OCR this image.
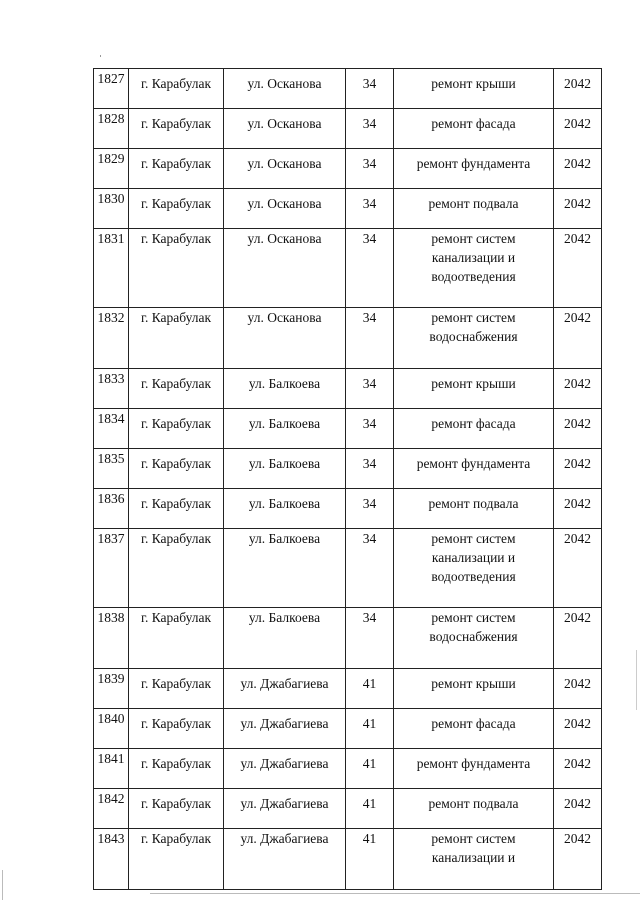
1827	г. Карабулак	ул. Осканова	34	ремонт крыши	2042
1828	г. Карабулак	ул. Осканова	34	ремонт фасада	2042
1829	г. Карабулак	ул. Осканова	34	ремонт фундамента	2042
1830	г. Карабулак	ул. Осканова	34	ремонт подвала	2042
1831	г. Карабулак	ул. Осканова	34	ремонт систем канализации и водоотведения	2042
1832	г. Карабулак	ул. Осканова	34	ремонт систем водоснабжения	2042
1833	г. Карабулак	ул. Балкоева	34	ремонт крыши	2042
1834	г. Карабулак	ул. Балкоева	34	ремонт фасада	2042
1835	г. Карабулак	ул. Балкоева	34	ремонт фундамента	2042
1836	г. Карабулак	ул. Балкоева	34	ремонт подвала	2042
1837	г. Карабулак	ул. Балкоева	34	ремонт систем канализации и водоотведения	2042
1838	г. Карабулак	ул. Балкоева	34	ремонт систем водоснабжения	2042
1839	г. Карабулак	ул. Джабагиева	41	ремонт крыши	2042
1840	г. Карабулак	ул. Джабагиева	41	ремонт фасада	2042
1841	г. Карабулак	ул. Джабагиева	41	ремонт фундамента	2042
1842	г. Карабулак	ул. Джабагиева	41	ремонт подвала	2042
1843	г. Карабулак	ул. Джабагиева	41	ремонт систем канализации и	2042
